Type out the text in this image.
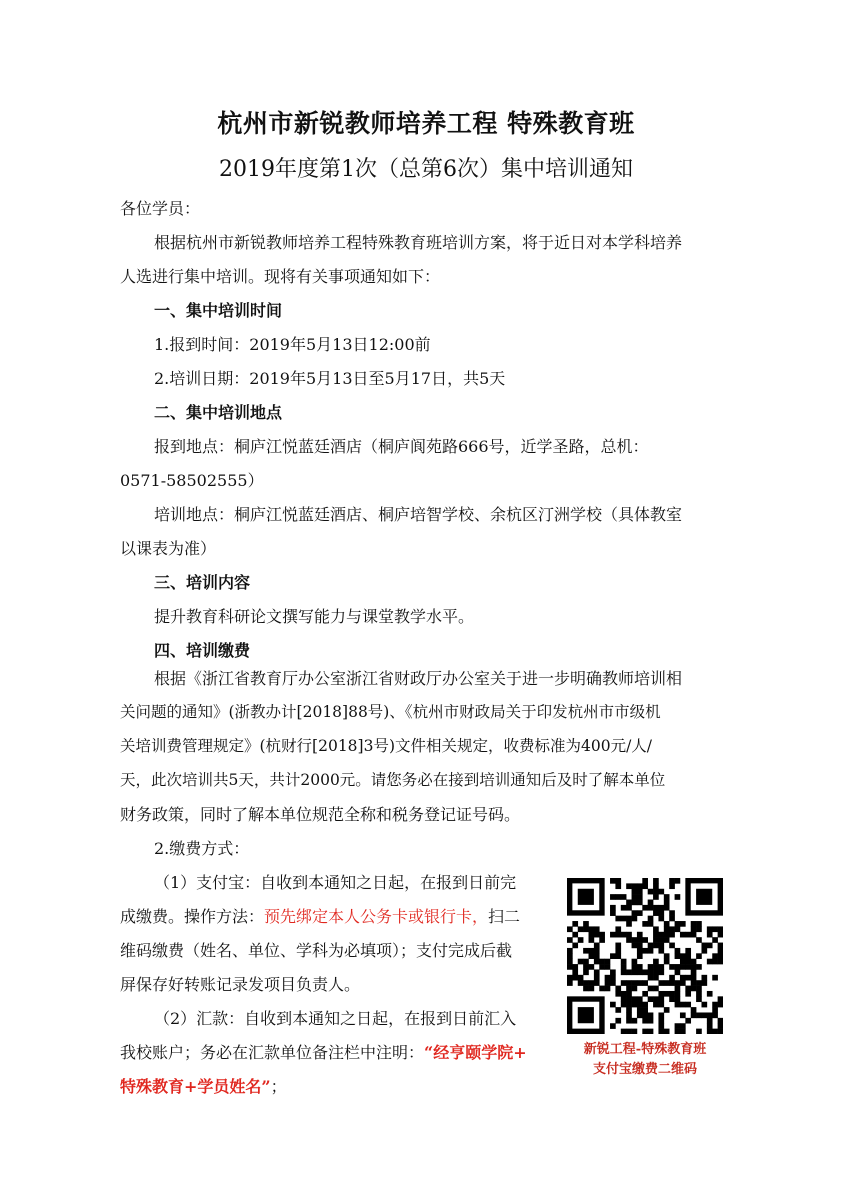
杭州市新锐教师培养工程 特殊教育班
2019年度第1次（总第6次）集中培训通知
各位学员：
根据杭州市新锐教师培养工程特殊教育班培训方案，将于近日对本学科培养
人选进行集中培训。现将有关事项通知如下：
一、集中培训时间
1.报到时间：2019年5月13日12:00前
2.培训日期：2019年5月13日至5月17日，共5天
二、集中培训地点
报到地点：桐庐江悦蓝廷酒店（桐庐阆苑路666号，近学圣路，总机：
0571-58502555）
培训地点：桐庐江悦蓝廷酒店、桐庐培智学校、余杭区汀洲学校（具体教室
以课表为准）
三、培训内容
提升教育科研论文撰写能力与课堂教学水平。
四、培训缴费
根据《浙江省教育厅办公室浙江省财政厅办公室关于进一步明确教师培训相
关问题的通知》(浙教办计[2018]88号)、《杭州市财政局关于印发杭州市市级机
关培训费管理规定》(杭财行[2018]3号)文件相关规定，收费标准为400元/人/
天，此次培训共5天，共计2000元。请您务必在接到培训通知后及时了解本单位
财务政策，同时了解本单位规范全称和税务登记证号码。
2.缴费方式：
（1）支付宝：自收到本通知之日起，在报到日前完
成缴费。操作方法：预先绑定本人公务卡或银行卡，扫二
维码缴费（姓名、单位、学科为必填项）；支付完成后截
屏保存好转账记录发项目负责人。
（2）汇款：自收到本通知之日起，在报到日前汇入
我校账户；务必在汇款单位备注栏中注明：“经亨颐学院+
特殊教育+学员姓名”；
新锐工程-特殊教育班
支付宝缴费二维码
